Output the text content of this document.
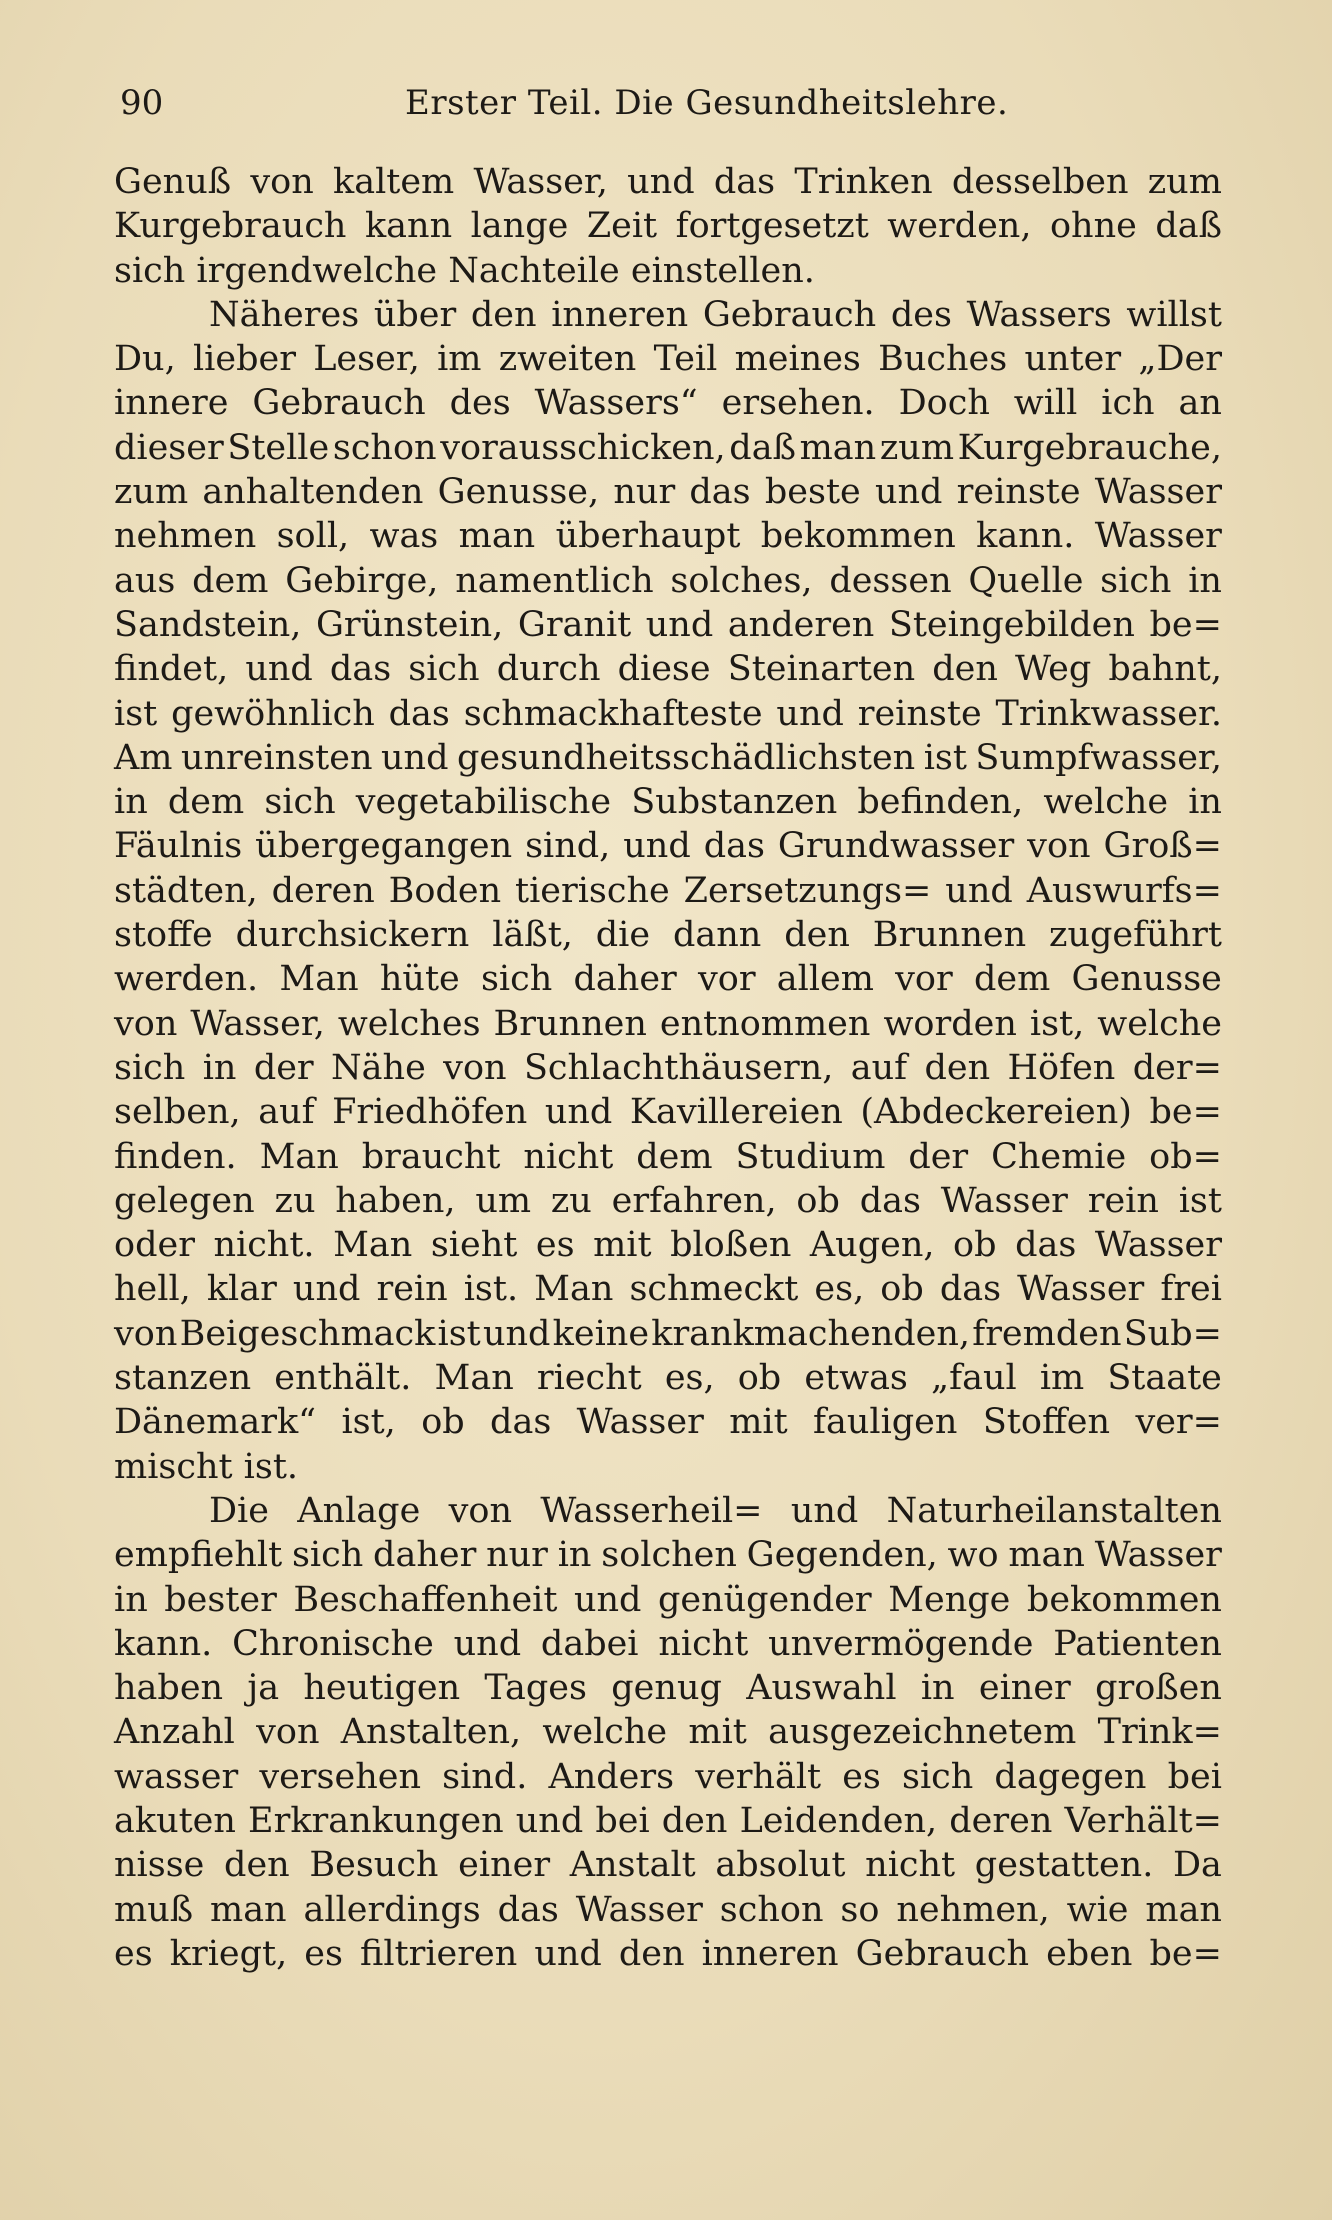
90	Erster Teil. Die Gesundheitslehre.
Genuß von kaltem Wasser, und das Trinken desselben zum
Kurgebrauch kann lange Zeit fortgesetzt werden, ohne daß
sich irgendwelche Nachteile einstellen.
Näheres über den inneren Gebrauch des Wassers willst
Du, lieber Leser, im zweiten Teil meines Buches unter „Der
innere Gebrauch des Wassers“ ersehen. Doch will ich an
dieser Stelle schon vorausschicken, daß man zum Kurgebrauche,
zum anhaltenden Genusse, nur das beste und reinste Wasser
nehmen soll, was man überhaupt bekommen kann. Wasser
aus dem Gebirge, namentlich solches, dessen Quelle sich in
Sandstein, Grünstein, Granit und anderen Steingebilden be=
findet, und das sich durch diese Steinarten den Weg bahnt,
ist gewöhnlich das schmackhafteste und reinste Trinkwasser.
Am unreinsten und gesundheitsschädlichsten ist Sumpfwasser,
in dem sich vegetabilische Substanzen befinden, welche in
Fäulnis übergegangen sind, und das Grundwasser von Groß=
städten, deren Boden tierische Zersetzungs= und Auswurfs=
stoffe durchsickern läßt, die dann den Brunnen zugeführt
werden. Man hüte sich daher vor allem vor dem Genusse
von Wasser, welches Brunnen entnommen worden ist, welche
sich in der Nähe von Schlachthäusern, auf den Höfen der=
selben, auf Friedhöfen und Kavillereien (Abdeckereien) be=
finden. Man braucht nicht dem Studium der Chemie ob=
gelegen zu haben, um zu erfahren, ob das Wasser rein ist
oder nicht. Man sieht es mit bloßen Augen, ob das Wasser
hell, klar und rein ist. Man schmeckt es, ob das Wasser frei
von Beigeschmack ist und keine krankmachenden, fremden Sub=
stanzen enthält. Man riecht es, ob etwas „faul im Staate
Dänemark“ ist, ob das Wasser mit fauligen Stoffen ver=
mischt ist.
Die Anlage von Wasserheil= und Naturheilanstalten
empfiehlt sich daher nur in solchen Gegenden, wo man Wasser
in bester Beschaffenheit und genügender Menge bekommen
kann. Chronische und dabei nicht unvermögende Patienten
haben ja heutigen Tages genug Auswahl in einer großen
Anzahl von Anstalten, welche mit ausgezeichnetem Trink=
wasser versehen sind. Anders verhält es sich dagegen bei
akuten Erkrankungen und bei den Leidenden, deren Verhält=
nisse den Besuch einer Anstalt absolut nicht gestatten. Da
muß man allerdings das Wasser schon so nehmen, wie man
es kriegt, es filtrieren und den inneren Gebrauch eben be=
